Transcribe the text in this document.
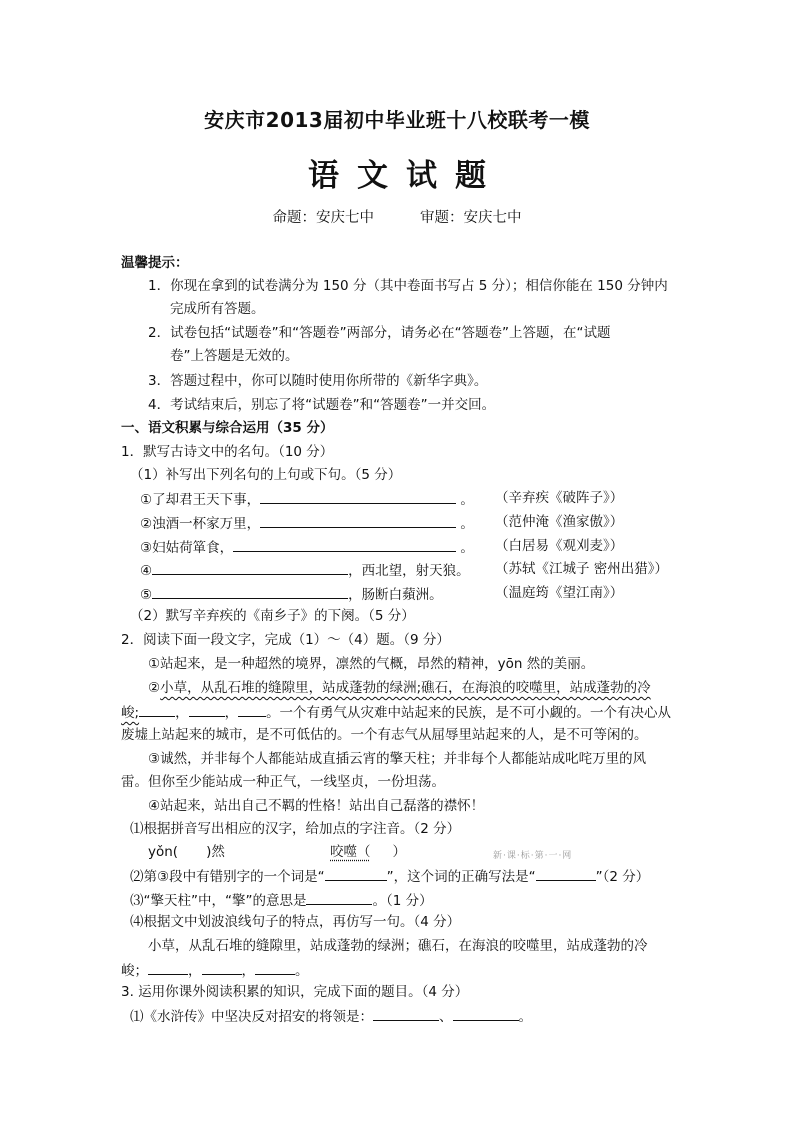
安庆市2013届初中毕业班十八校联考一模
语文试题
命题：安庆七中	审题：安庆七中
温馨提示：
1．你现在拿到的试卷满分为 150 分（其中卷面书写占 5 分）；相信你能在 150 分钟内
完成所有答题。
2．试卷包括“试题卷”和“答题卷”两部分，请务必在“答题卷”上答题，在“试题
卷”上答题是无效的。
3．答题过程中，你可以随时使用你所带的《新华字典》。
4．考试结束后，别忘了将“试题卷”和“答题卷”一并交回。
一、语文积累与综合运用（35 分）
1．默写古诗文中的名句。（10 分）
（1）补写出下列名句的上句或下句。（5 分）
①了却君王天下事，	。 （辛弃疾《破阵子》）
②浊酒一杯家万里，	。 （范仲淹《渔家傲》）
③妇姑荷箪食，	。 （白居易《观刈麦》）
④	，西北望，射天狼。 （苏轼《江城子 密州出猎》）
⑤	，肠断白蘋洲。	（温庭筠《望江南》）
（2）默写辛弃疾的《南乡子》的下阕。（5 分）
2．阅读下面一段文字，完成（1）～（4）题。（9 分）
①站起来，是一种超然的境界，凛然的气概，昂然的精神，yōn 然的美丽。
②小草，从乱石堆的缝隙里，站成蓬勃的绿洲;礁石，在海浪的咬噬里，站成蓬勃的冷
峻;	，	， 。一个有勇气从灾难中站起来的民族，是不可小觑的。一个有决心从
废墟上站起来的城市，是不可低估的。一个有志气从屈辱里站起来的人，是不可等闲的。
③诚然，并非每个人都能站成直插云宵的擎天柱；并非每个人都能站成叱咤万里的风
雷。但你至少能站成一种正气，一线坚贞，一份坦荡。
④站起来，站出自己不羁的性格！站出自己磊落的襟怀！
⑴根据拼音写出相应的汉字，给加点的字注音。（2 分）
yǒn( )然	咬噬（ ）	新·课·标·第·一·网
⑵第③段中有错别字的一个词是“	”，这个词的正确写法是“	”（2 分）
⑶“擎天柱”中，“擎”的意思是	。（1 分）
⑷根据文中划波浪线句子的特点，再仿写一句。（4 分）
小草，从乱石堆的缝隙里，站成蓬勃的绿洲；礁石，在海浪的咬噬里，站成蓬勃的冷
峻；	，	，	。
3. 运用你课外阅读积累的知识，完成下面的题目。（4 分）
⑴《水浒传》中坚决反对招安的将领是：	、	。
